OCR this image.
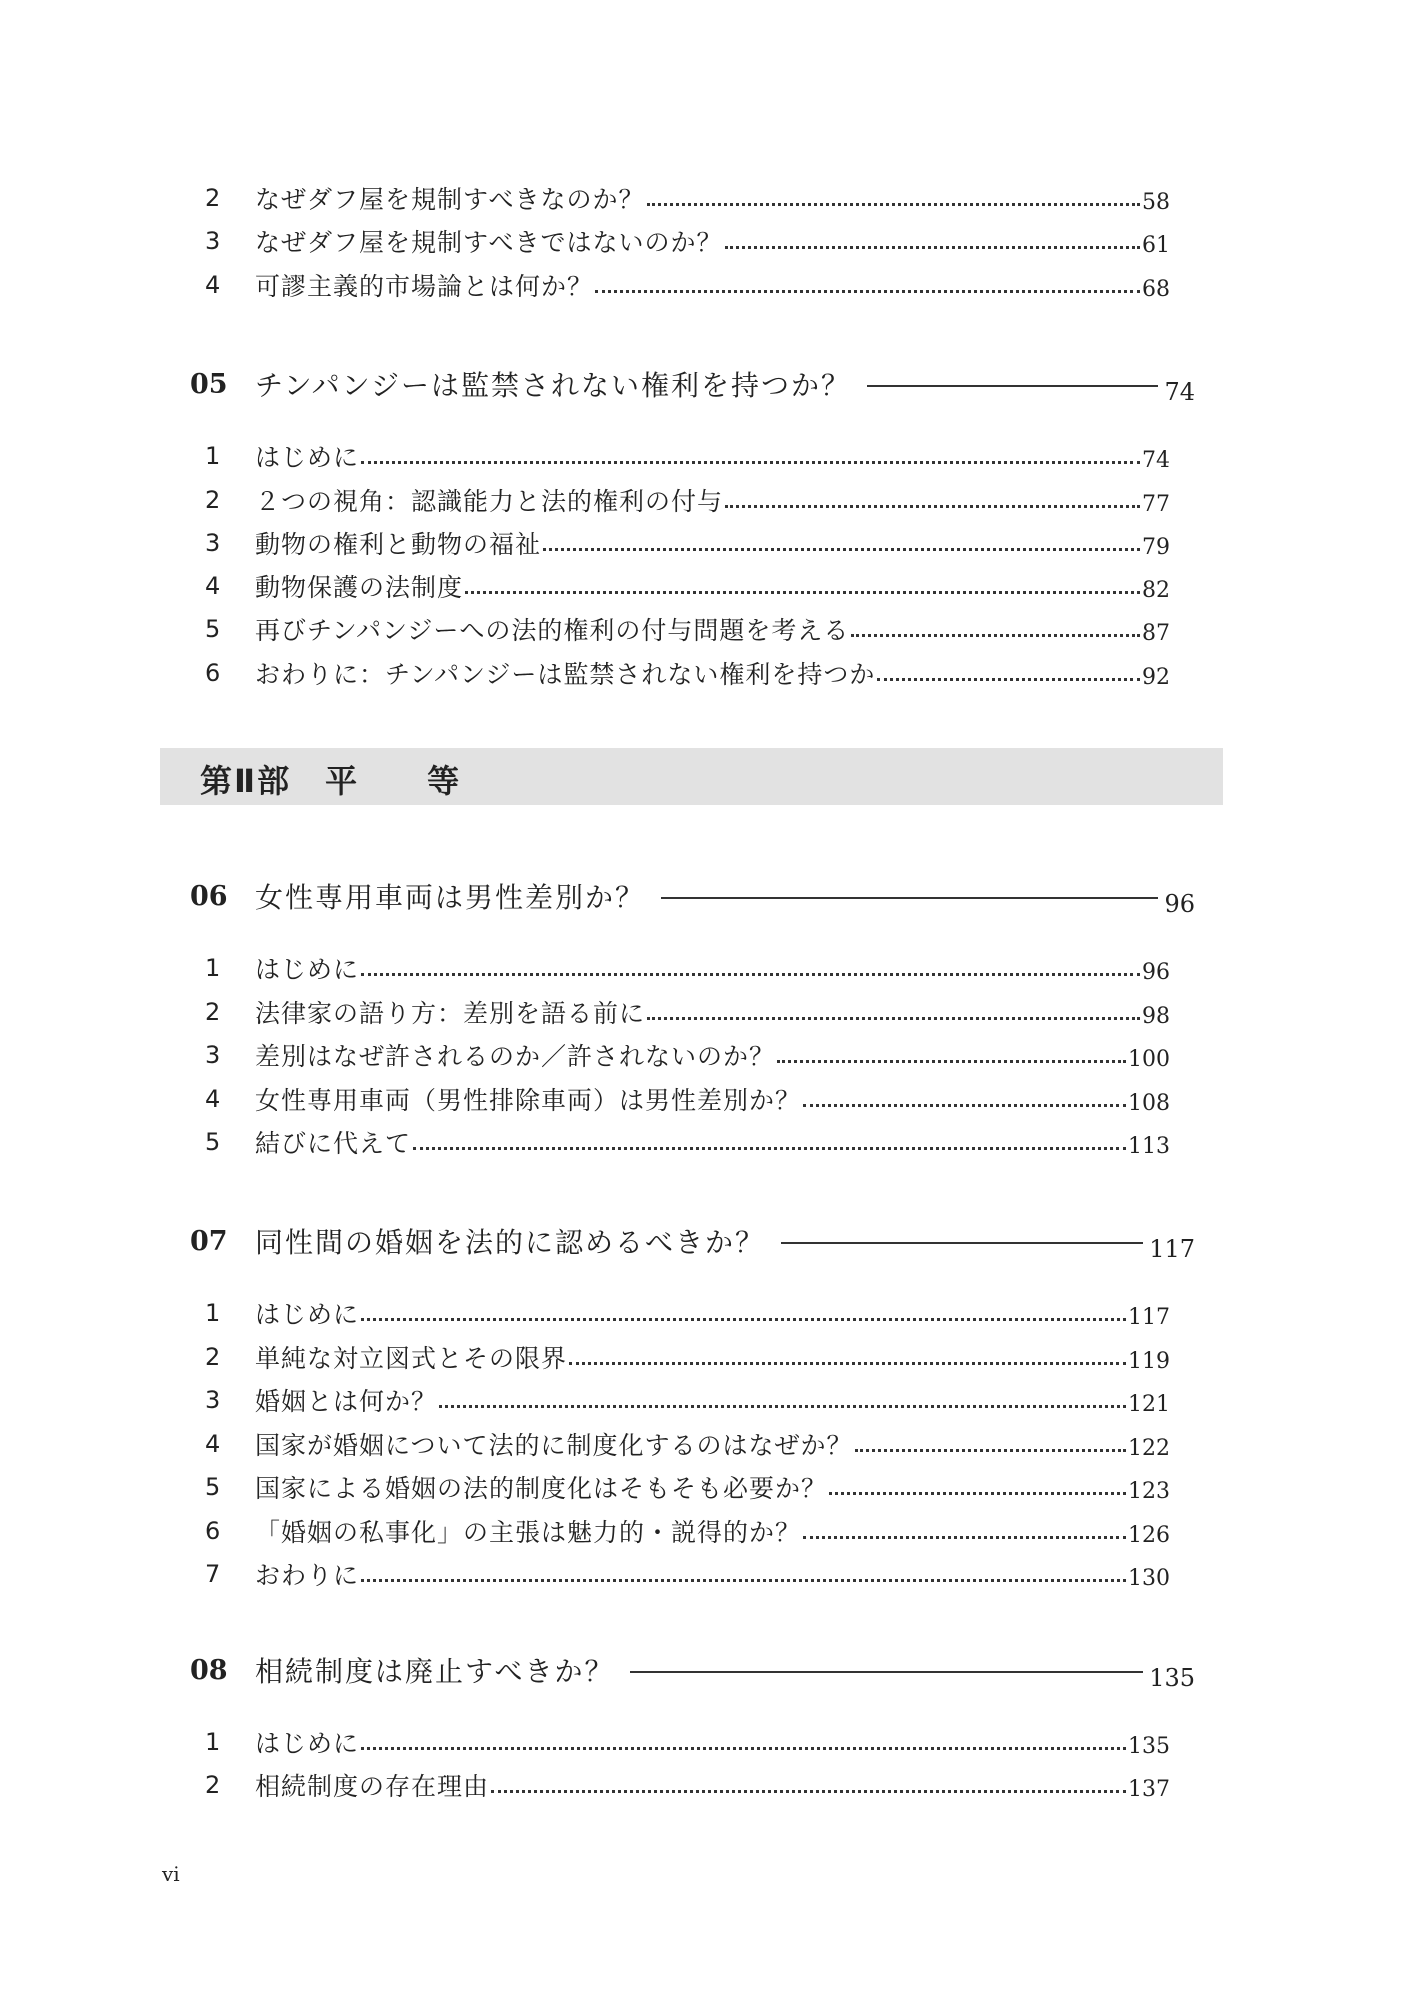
第Ⅱ部　平　　等
vi
2	なぜダフ屋を規制すべきなのか？	58
3	なぜダフ屋を規制すべきではないのか？	61
4	可謬主義的市場論とは何か？	68
05 チンパンジーは監禁されない権利を持つか？	74
1	はじめに	74
2	２つの視角：認識能力と法的権利の付与	77
3	動物の権利と動物の福祉	79
4	動物保護の法制度	82
5	再びチンパンジーへの法的権利の付与問題を考える	87
6	おわりに：チンパンジーは監禁されない権利を持つか	92
06 女性専用車両は男性差別か？	96
1	はじめに	96
2	法律家の語り方：差別を語る前に	98
3	差別はなぜ許されるのか／許されないのか？	100
4	女性専用車両（男性排除車両）は男性差別か？	108
5	結びに代えて	113
07 同性間の婚姻を法的に認めるべきか？	117
1	はじめに	117
2	単純な対立図式とその限界	119
3	婚姻とは何か？	121
4	国家が婚姻について法的に制度化するのはなぜか？	122
5	国家による婚姻の法的制度化はそもそも必要か？	123
6	「婚姻の私事化」の主張は魅力的・説得的か？	126
7	おわりに	130
08 相続制度は廃止すべきか？	135
1	はじめに	135
2	相続制度の存在理由	137
